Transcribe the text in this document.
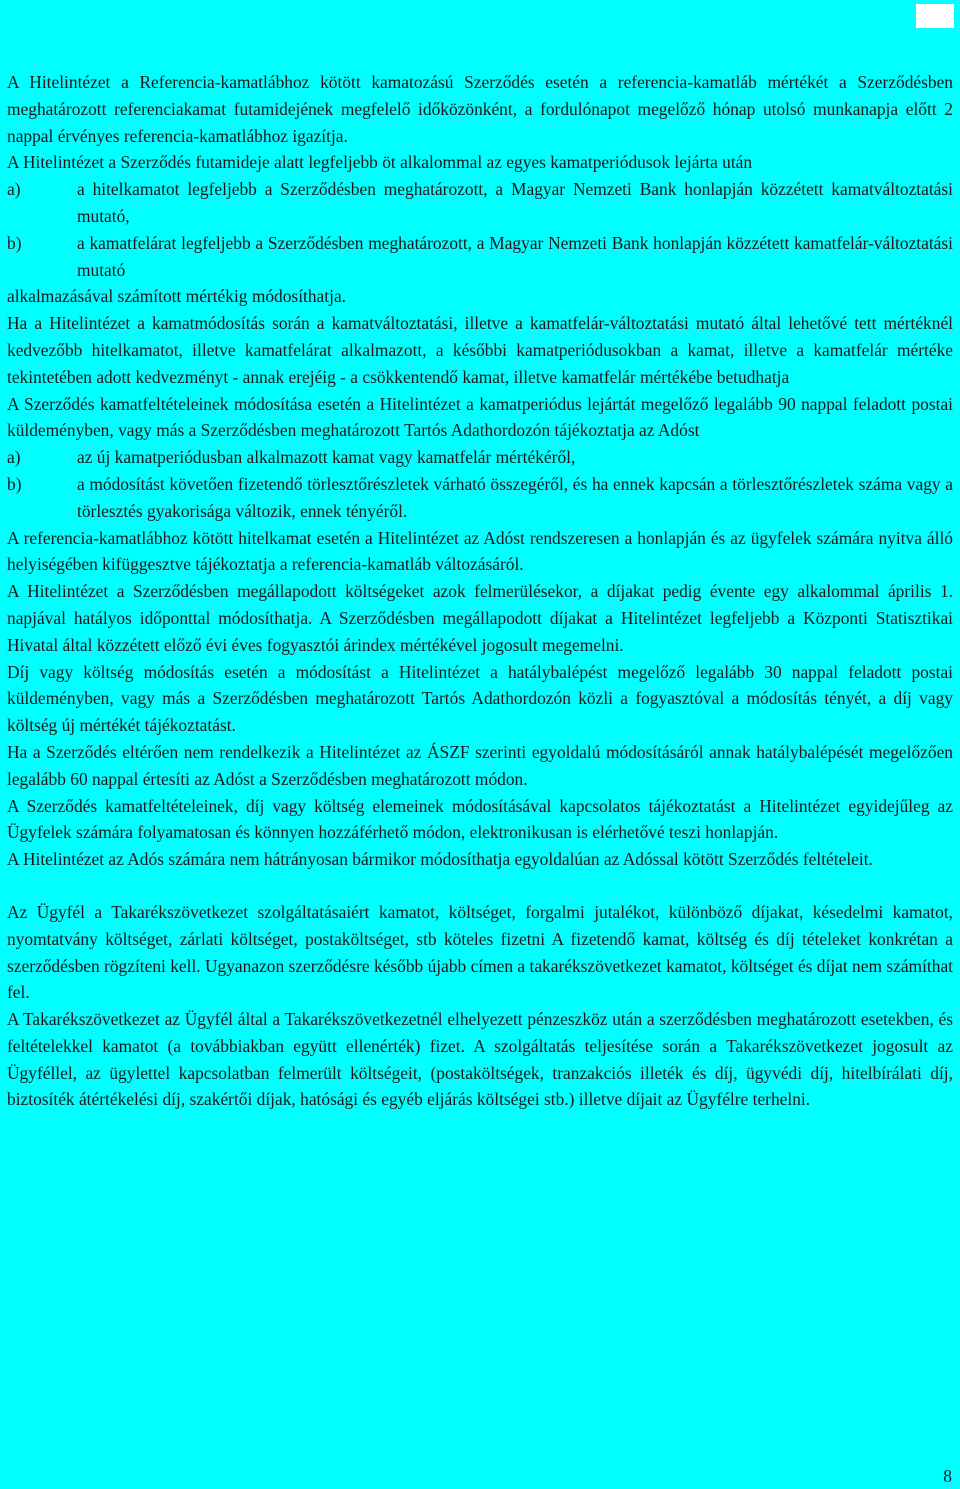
A Hitelintézet a Referencia-kamatlábhoz kötött kamatozású Szerződés esetén a referencia-kamatláb mértékét a Szerződésben meghatározott referenciakamat futamidejének megfelelő időközönként, a fordulónapot megelőző hónap utolsó munkanapja előtt 2 nappal érvényes referencia-kamatlábhoz igazítja.

A Hitelintézet a Szerződés futamideje alatt legfeljebb öt alkalommal az egyes kamatperiódusok lejárta után

a)	a hitelkamatot legfeljebb a Szerződésben meghatározott, a Magyar Nemzeti Bank honlapján közzétett kamatváltoztatási mutató,
b)	a kamatfelárat legfeljebb a Szerződésben meghatározott, a Magyar Nemzeti Bank honlapján közzétett kamatfelár-változtatási mutató

alkalmazásával számított mértékig módosíthatja.

Ha a Hitelintézet a kamatmódosítás során a kamatváltoztatási, illetve a kamatfelár-változtatási mutató által lehetővé tett mértéknél kedvezőbb hitelkamatot, illetve kamatfelárat alkalmazott, a későbbi kamatperiódusokban a kamat, illetve a kamatfelár mértéke tekintetében adott kedvezményt - annak erejéig - a csökkentendő kamat, illetve kamatfelár mértékébe betudhatja

A Szerződés kamatfeltételeinek módosítása esetén a Hitelintézet a kamatperiódus lejártát megelőző legalább 90 nappal feladott postai küldeményben, vagy más a Szerződésben meghatározott Tartós Adathordozón tájékoztatja az Adóst

a)	az új kamatperiódusban alkalmazott kamat vagy kamatfelár mértékéről,
b)	a módosítást követően fizetendő törlesztőrészletek várható összegéről, és ha ennek kapcsán a törlesztőrészletek száma vagy a törlesztés gyakorisága változik, ennek tényéről.

A referencia-kamatlábhoz kötött hitelkamat esetén a Hitelintézet az Adóst rendszeresen a honlapján és az ügyfelek számára nyitva álló helyiségében kifüggesztve tájékoztatja a referencia-kamatláb változásáról.

A Hitelintézet a Szerződésben megállapodott költségeket azok felmerülésekor, a díjakat pedig évente egy alkalommal április 1. napjával hatályos időponttal módosíthatja. A Szerződésben megállapodott díjakat a Hitelintézet legfeljebb a Központi Statisztikai Hivatal által közzétett előző évi éves fogyasztói árindex mértékével jogosult megemelni.

Díj vagy költség módosítás esetén a módosítást a Hitelintézet a hatálybalépést megelőző legalább 30 nappal feladott postai küldeményben, vagy más a Szerződésben meghatározott Tartós Adathordozón közli a fogyasztóval a módosítás tényét, a díj vagy költség új mértékét tájékoztatást.

Ha a Szerződés eltérően nem rendelkezik a Hitelintézet az ÁSZF szerinti egyoldalú módosításáról annak hatálybalépését megelőzően legalább 60 nappal értesíti az Adóst a Szerződésben meghatározott módon.

A Szerződés kamatfeltételeinek, díj vagy költség elemeinek módosításával kapcsolatos tájékoztatást a Hitelintézet egyidejűleg az Ügyfelek számára folyamatosan és könnyen hozzáférhető módon, elektronikusan is elérhetővé teszi honlapján.

A Hitelintézet az Adós számára nem hátrányosan bármikor módosíthatja egyoldalúan az Adóssal kötött Szerződés feltételeit.

Az Ügyfél a Takarékszövetkezet szolgáltatásaiért kamatot, költséget, forgalmi jutalékot, különböző díjakat, késedelmi kamatot, nyomtatvány költséget, zárlati költséget, postaköltséget, stb köteles fizetni A fizetendő kamat, költség és díj tételeket konkrétan a szerződésben rögzíteni kell. Ugyanazon szerződésre később újabb címen a takarékszövetkezet kamatot, költséget és díjat nem számíthat fel.

A Takarékszövetkezet az Ügyfél által a Takarékszövetkezetnél elhelyezett pénzeszköz után a szerződésben meghatározott esetekben, és feltételekkel kamatot (a továbbiakban együtt ellenérték) fizet. A szolgáltatás teljesítése során a Takarékszövetkezet jogosult az Ügyféllel, az ügylettel kapcsolatban felmerült költségeit, (postaköltségek, tranzakciós illeték és díj, ügyvédi díj, hitelbírálati díj, biztosíték átértékelési díj, szakértői díjak, hatósági és egyéb eljárás költségei stb.) illetve díjait az Ügyfélre terhelni.

8
